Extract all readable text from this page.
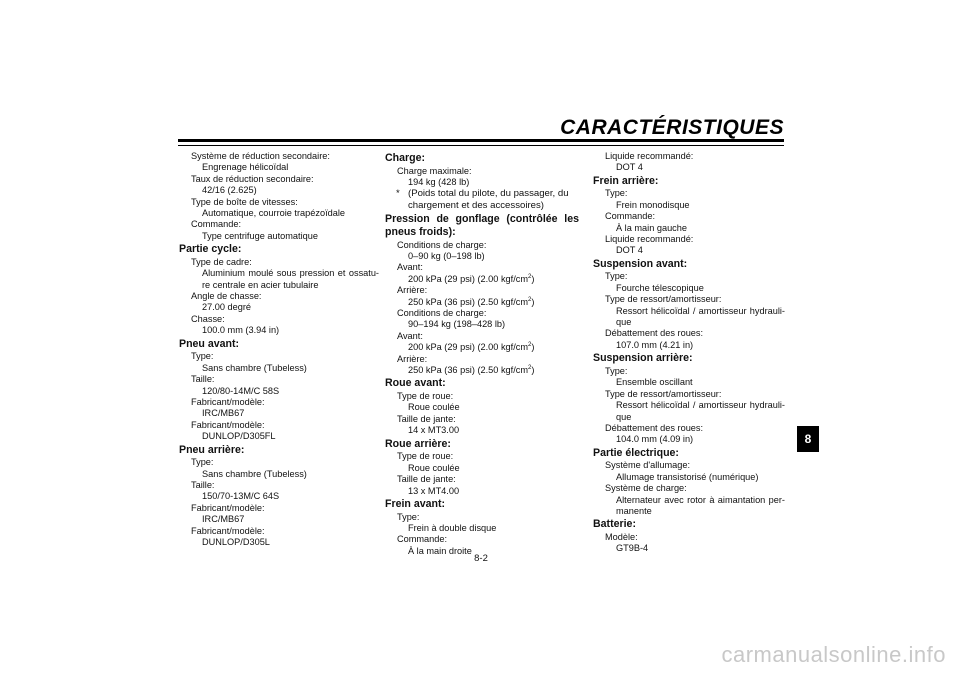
CARACTÉRISTIQUES
Système de réduction secondaire:
Engrenage hélicoïdal
Taux de réduction secondaire:
42/16 (2.625)
Type de boîte de vitesses:
Automatique, courroie trapézoïdale
Commande:
Type centrifuge automatique
Partie cycle:
Type de cadre:
Aluminium moulé sous pression et ossatu-re centrale en acier tubulaire
Angle de chasse:
27.00 degré
Chasse:
100.0 mm (3.94 in)
Pneu avant:
Type:
Sans chambre (Tubeless)
Taille:
120/80-14M/C 58S
Fabricant/modèle:
IRC/MB67
Fabricant/modèle:
DUNLOP/D305FL
Pneu arrière:
Type:
Sans chambre (Tubeless)
Taille:
150/70-13M/C 64S
Fabricant/modèle:
IRC/MB67
Fabricant/modèle:
DUNLOP/D305L
Charge:
Charge maximale:
194 kg (428 lb)
* (Poids total du pilote, du passager, du chargement et des accessoires)
Pression de gonflage (contrôlée les pneus froids):
Conditions de charge:
0–90 kg (0–198 lb)
Avant:
200 kPa (29 psi) (2.00 kgf/$cm^2$)
Arrière:
250 kPa (36 psi) (2.50 kgf/$cm^2$)
Conditions de charge:
90–194 kg (198–428 lb)
Avant:
200 kPa (29 psi) (2.00 kgf/$cm^2$)
Arrière:
250 kPa (36 psi) (2.50 kgf/$cm^2$)
Roue avant:
Type de roue:
Roue coulée
Taille de jante:
14 x MT3.00
Roue arrière:
Type de roue:
Roue coulée
Taille de jante:
13 x MT4.00
Frein avant:
Type:
Frein à double disque
Commande:
À la main droite
Liquide recommandé:
DOT 4
Frein arrière:
Type:
Frein monodisque
Commande:
À la main gauche
Liquide recommandé:
DOT 4
Suspension avant:
Type:
Fourche télescopique
Type de ressort/amortisseur:
Ressort hélicoïdal / amortisseur hydrauli-que
Débattement des roues:
107.0 mm (4.21 in)
Suspension arrière:
Type:
Ensemble oscillant
Type de ressort/amortisseur:
Ressort hélicoïdal / amortisseur hydrauli-que
Débattement des roues:
104.0 mm (4.09 in)
Partie électrique:
Système d'allumage:
Allumage transistorisé (numérique)
Système de charge:
Alternateur avec rotor à aimantation per-manente
Batterie:
Modèle:
GT9B-4
8-2
8
carmanualsonline.info
